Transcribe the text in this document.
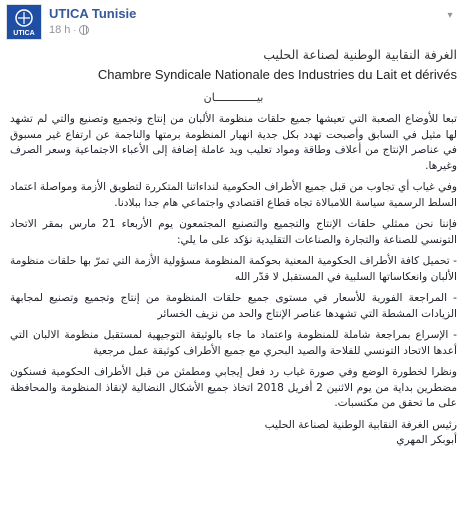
UTICA
UTICA Tunisie
18 h ·
▾
الغرفة النقابية الوطنية لصناعة الحليب
Chambre Syndicale Nationale des Industries du Lait et dérivés
بيـــــــــــــان

تبعا للأوضاع الصعبة التي تعيشها جميع حلقات منظومة الألبان من إنتاج وتجميع وتصنيع والتي لم تشهد لها مثيل في السابق وأصبحت تهدد بكل جدية انهيار المنظومة برمتها والناجمة عن ارتفاع غير مسبوق في عناصر الإنتاج من أعلاف وطاقة ومواد تعليب ويد عاملة إضافة إلى الأعباء الاجتماعية وسعر الصرف وغيرها.

وفي غياب أي تجاوب من قبل جميع الأطراف الحكومية لنداءاتنا المتكررة لتطويق الأزمة ومواصلة اعتماد السلط الرسمية سياسة اللامبالاة تجاه قطاع اقتصادي واجتماعي هام جدا ببلادنا.

فإننا نحن ممثلي حلقات الإنتاج والتجميع والتصنيع المجتمعون يوم الأربعاء 21 مارس بمقر الاتحاد التونسي للصناعة والتجارة والصناعات التقليدية نؤكد على ما يلي:

- تحميل كافة الأطراف الحكومية المعنية بحوكمة المنظومة مسؤولية الأزمة التي تمرّ بها حلقات منظومة الألبان وانعكاساتها السلبية في المستقبل لا قدّر الله

- المراجعة الفورية للأسعار في مستوى جميع حلقات المنظومة من إنتاج وتجميع وتصنيع لمجابهة الزيادات المشطة التي تشهدها عناصر الإنتاج والحد من نزيف الخسائر

- الإسراع بمراجعة شاملة للمنظومة واعتماد ما جاء بالوثيقة التوجيهية لمستقبل منظومة الالبان التي أعدها الاتحاد التونسي للفلاحة والصيد البحري مع جميع الأطراف كوثيقة عمل مرجعية

ونظرا لخطورة الوضع وفي صورة غياب رد فعل إيجابي ومطمئن من قبل الأطراف الحكومية فسنكون مضطرين بداية من يوم الاثنين 2 أفريل 2018 اتخاذ جميع الأشكال النضالية لإنقاذ المنظومة والمحافظة على ما تحقق من مكتسبات.

رئيس الغرفة النقابية الوطنية لصناعة الحليب
أبوبكر المهري
